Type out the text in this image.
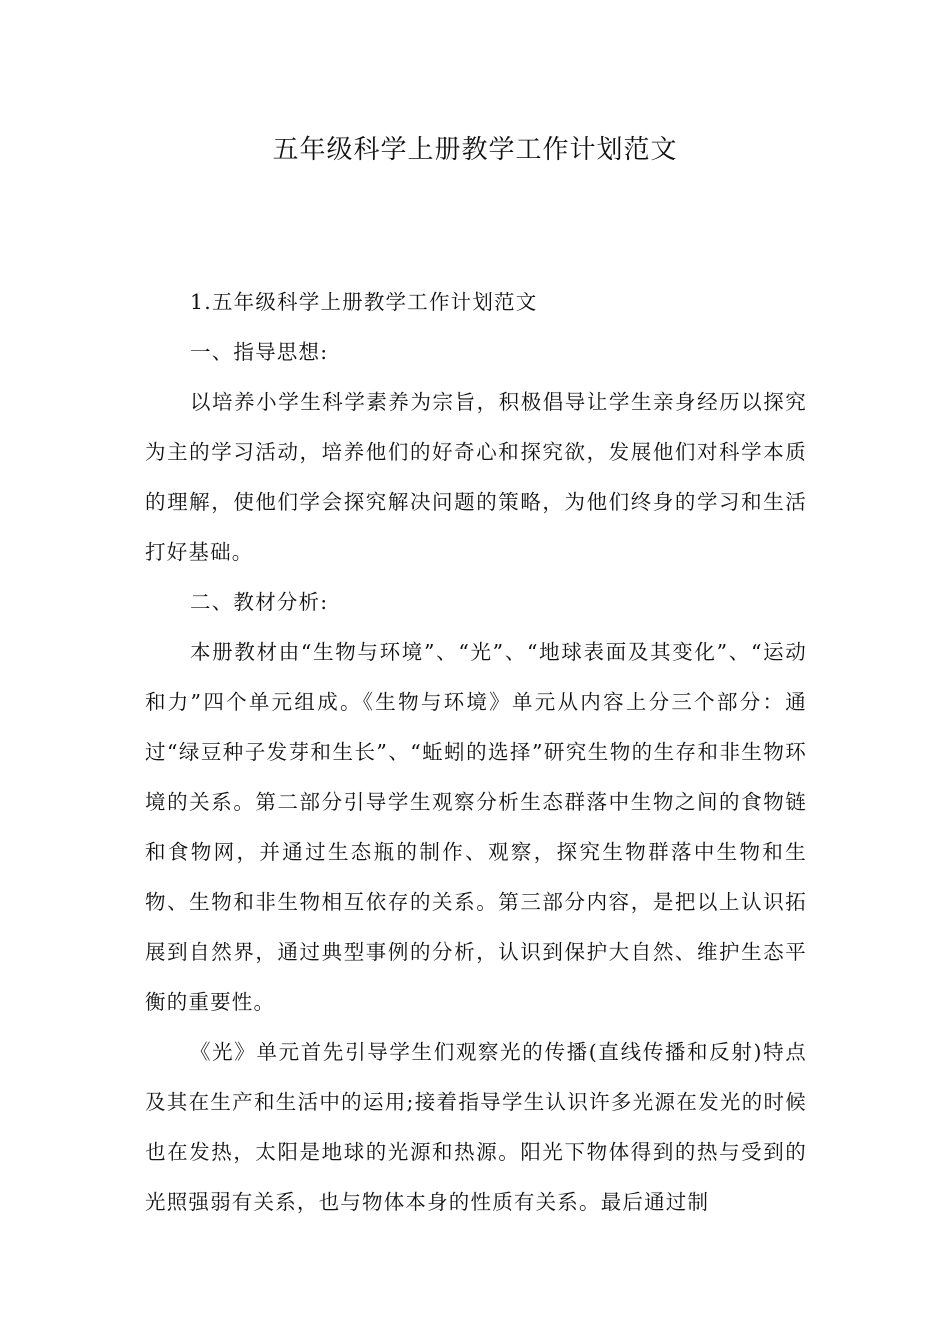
五年级科学上册教学工作计划范文

1.五年级科学上册教学工作计划范文

一、指导思想:

以培养小学生科学素养为宗旨，积极倡导让学生亲身经历以探究为主的学习活动，培养他们的好奇心和探究欲，发展他们对科学本质的理解，使他们学会探究解决问题的策略，为他们终身的学习和生活打好基础。

二、教材分析:

本册教材由“生物与环境”、“光”、“地球表面及其变化”、“运动和力”四个单元组成。《生物与环境》单元从内容上分三个部分：通过“绿豆种子发芽和生长”、“蚯蚓的选择”研究生物的生存和非生物环境的关系。第二部分引导学生观察分析生态群落中生物之间的食物链和食物网，并通过生态瓶的制作、观察，探究生物群落中生物和生物、生物和非生物相互依存的关系。第三部分内容，是把以上认识拓展到自然界，通过典型事例的分析，认识到保护大自然、维护生态平衡的重要性。

《光》单元首先引导学生们观察光的传播(直线传播和反射)特点及其在生产和生活中的运用;接着指导学生认识许多光源在发光的时候也在发热，太阳是地球的光源和热源。阳光下物体得到的热与受到的光照强弱有关系，也与物体本身的性质有关系。最后通过制
